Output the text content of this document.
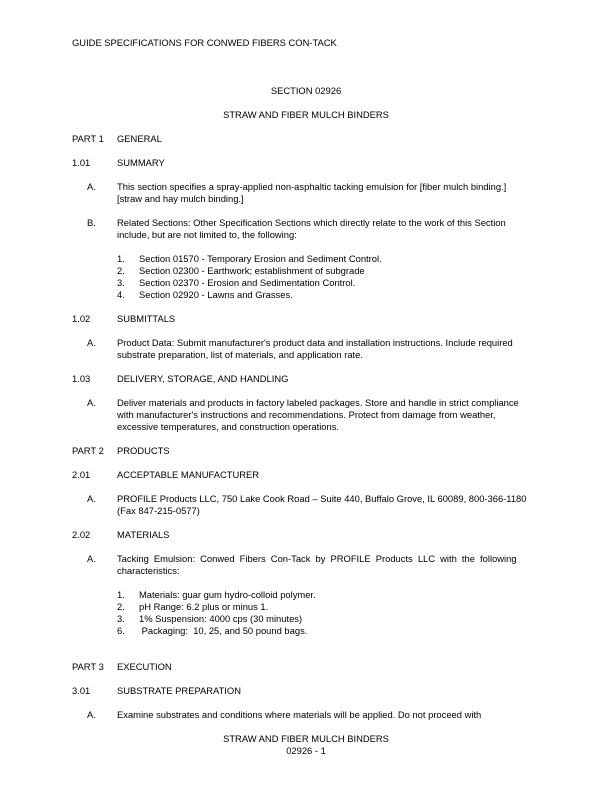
GUIDE SPECIFICATIONS FOR CONWED FIBERS CON-TACK
SECTION 02926
STRAW AND FIBER MULCH BINDERS
PART 1 GENERAL
1.01	SUMMARY
A. This section specifies a spray-applied non-asphaltic tacking emulsion for [fiber mulch binding.]
[straw and hay mulch binding.]
B. Related Sections: Other Specification Sections which directly relate to the work of this Section
include, but are not limited to, the following:
1. Section 01570 - Temporary Erosion and Sediment Control.
2. Section 02300 - Earthwork; establishment of subgrade
3. Section 02370 - Erosion and Sedimentation Control.
4. Section 02920 - Lawns and Grasses.
1.02	SUBMITTALS
A. Product Data: Submit manufacturer's product data and installation instructions. Include required
substrate preparation, list of materials, and application rate.
1.03	DELIVERY, STORAGE, AND HANDLING
A. Deliver materials and products in factory labeled packages. Store and handle in strict compliance
with manufacturer's instructions and recommendations. Protect from damage from weather,
excessive temperatures, and construction operations.
PART 2 PRODUCTS
2.01	ACCEPTABLE MANUFACTURER
A. PROFILE Products LLC, 750 Lake Cook Road – Suite 440, Buffalo Grove, IL 60089, 800-366-1180
(Fax 847-215-0577)
2.02	MATERIALS
A. Tacking Emulsion: Conwed Fibers Con-Tack by PROFILE Products LLC with the following
characteristics:
1. Materials: guar gum hydro-colloid polymer.
2. pH Range: 6.2 plus or minus 1.
3. 1% Suspension: 4000 cps (30 minutes)
6. Packaging:  10, 25, and 50 pound bags.
PART 3 EXECUTION
3.01	SUBSTRATE PREPARATION
A. Examine substrates and conditions where materials will be applied. Do not proceed with
STRAW AND FIBER MULCH BINDERS
02926 - 1
